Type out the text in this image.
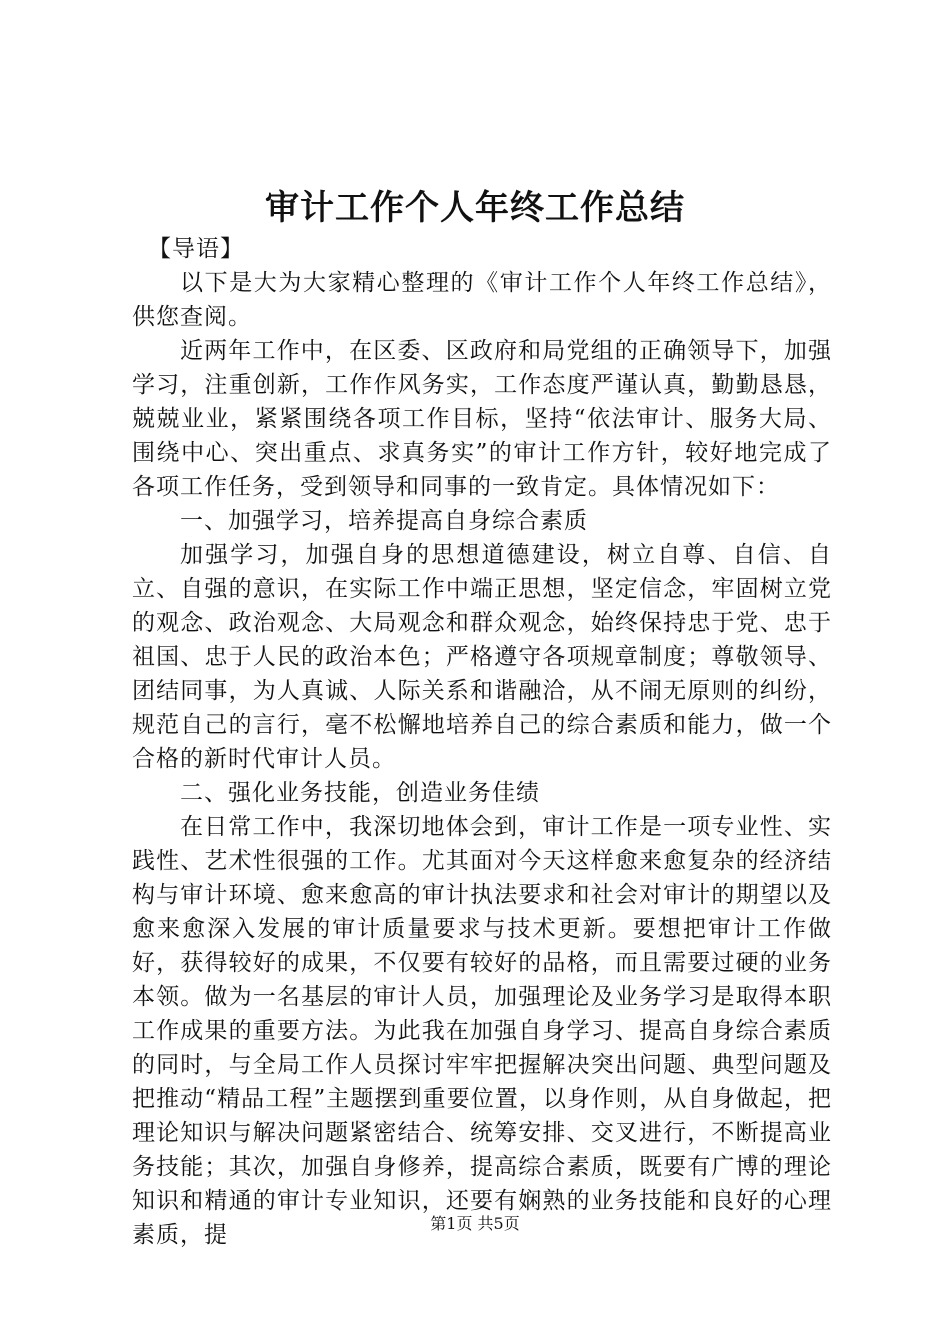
审计工作个人年终工作总结

【导语】

以下是大为大家精心整理的《审计工作个人年终工作总结》，供您查阅。

近两年工作中，在区委、区政府和局党组的正确领导下，加强学习，注重创新，工作作风务实，工作态度严谨认真，勤勤恳恳，兢兢业业，紧紧围绕各项工作目标，坚持“依法审计、服务大局、围绕中心、突出重点、求真务实”的审计工作方针，较好地完成了各项工作任务，受到领导和同事的一致肯定。具体情况如下：

一、加强学习，培养提高自身综合素质

加强学习，加强自身的思想道德建设，树立自尊、自信、自立、自强的意识，在实际工作中端正思想，坚定信念，牢固树立党的观念、政治观念、大局观念和群众观念，始终保持忠于党、忠于祖国、忠于人民的政治本色；严格遵守各项规章制度；尊敬领导、团结同事，为人真诚、人际关系和谐融洽，从不闹无原则的纠纷，规范自己的言行，毫不松懈地培养自己的综合素质和能力，做一个合格的新时代审计人员。

二、强化业务技能，创造业务佳绩

在日常工作中，我深切地体会到，审计工作是一项专业性、实践性、艺术性很强的工作。尤其面对今天这样愈来愈复杂的经济结构与审计环境、愈来愈高的审计执法要求和社会对审计的期望以及愈来愈深入发展的审计质量要求与技术更新。要想把审计工作做好，获得较好的成果，不仅要有较好的品格，而且需要过硬的业务本领。做为一名基层的审计人员，加强理论及业务学习是取得本职工作成果的重要方法。为此我在加强自身学习、提高自身综合素质的同时，与全局工作人员探讨牢牢把握解决突出问题、典型问题及把推动“精品工程”主题摆到重要位置，以身作则，从自身做起，把理论知识与解决问题紧密结合、统筹安排、交叉进行，不断提高业务技能；其次，加强自身修养，提高综合素质，既要有广博的理论知识和精通的审计专业知识，还要有娴熟的业务技能和良好的心理素质，提	第1页 共5页
